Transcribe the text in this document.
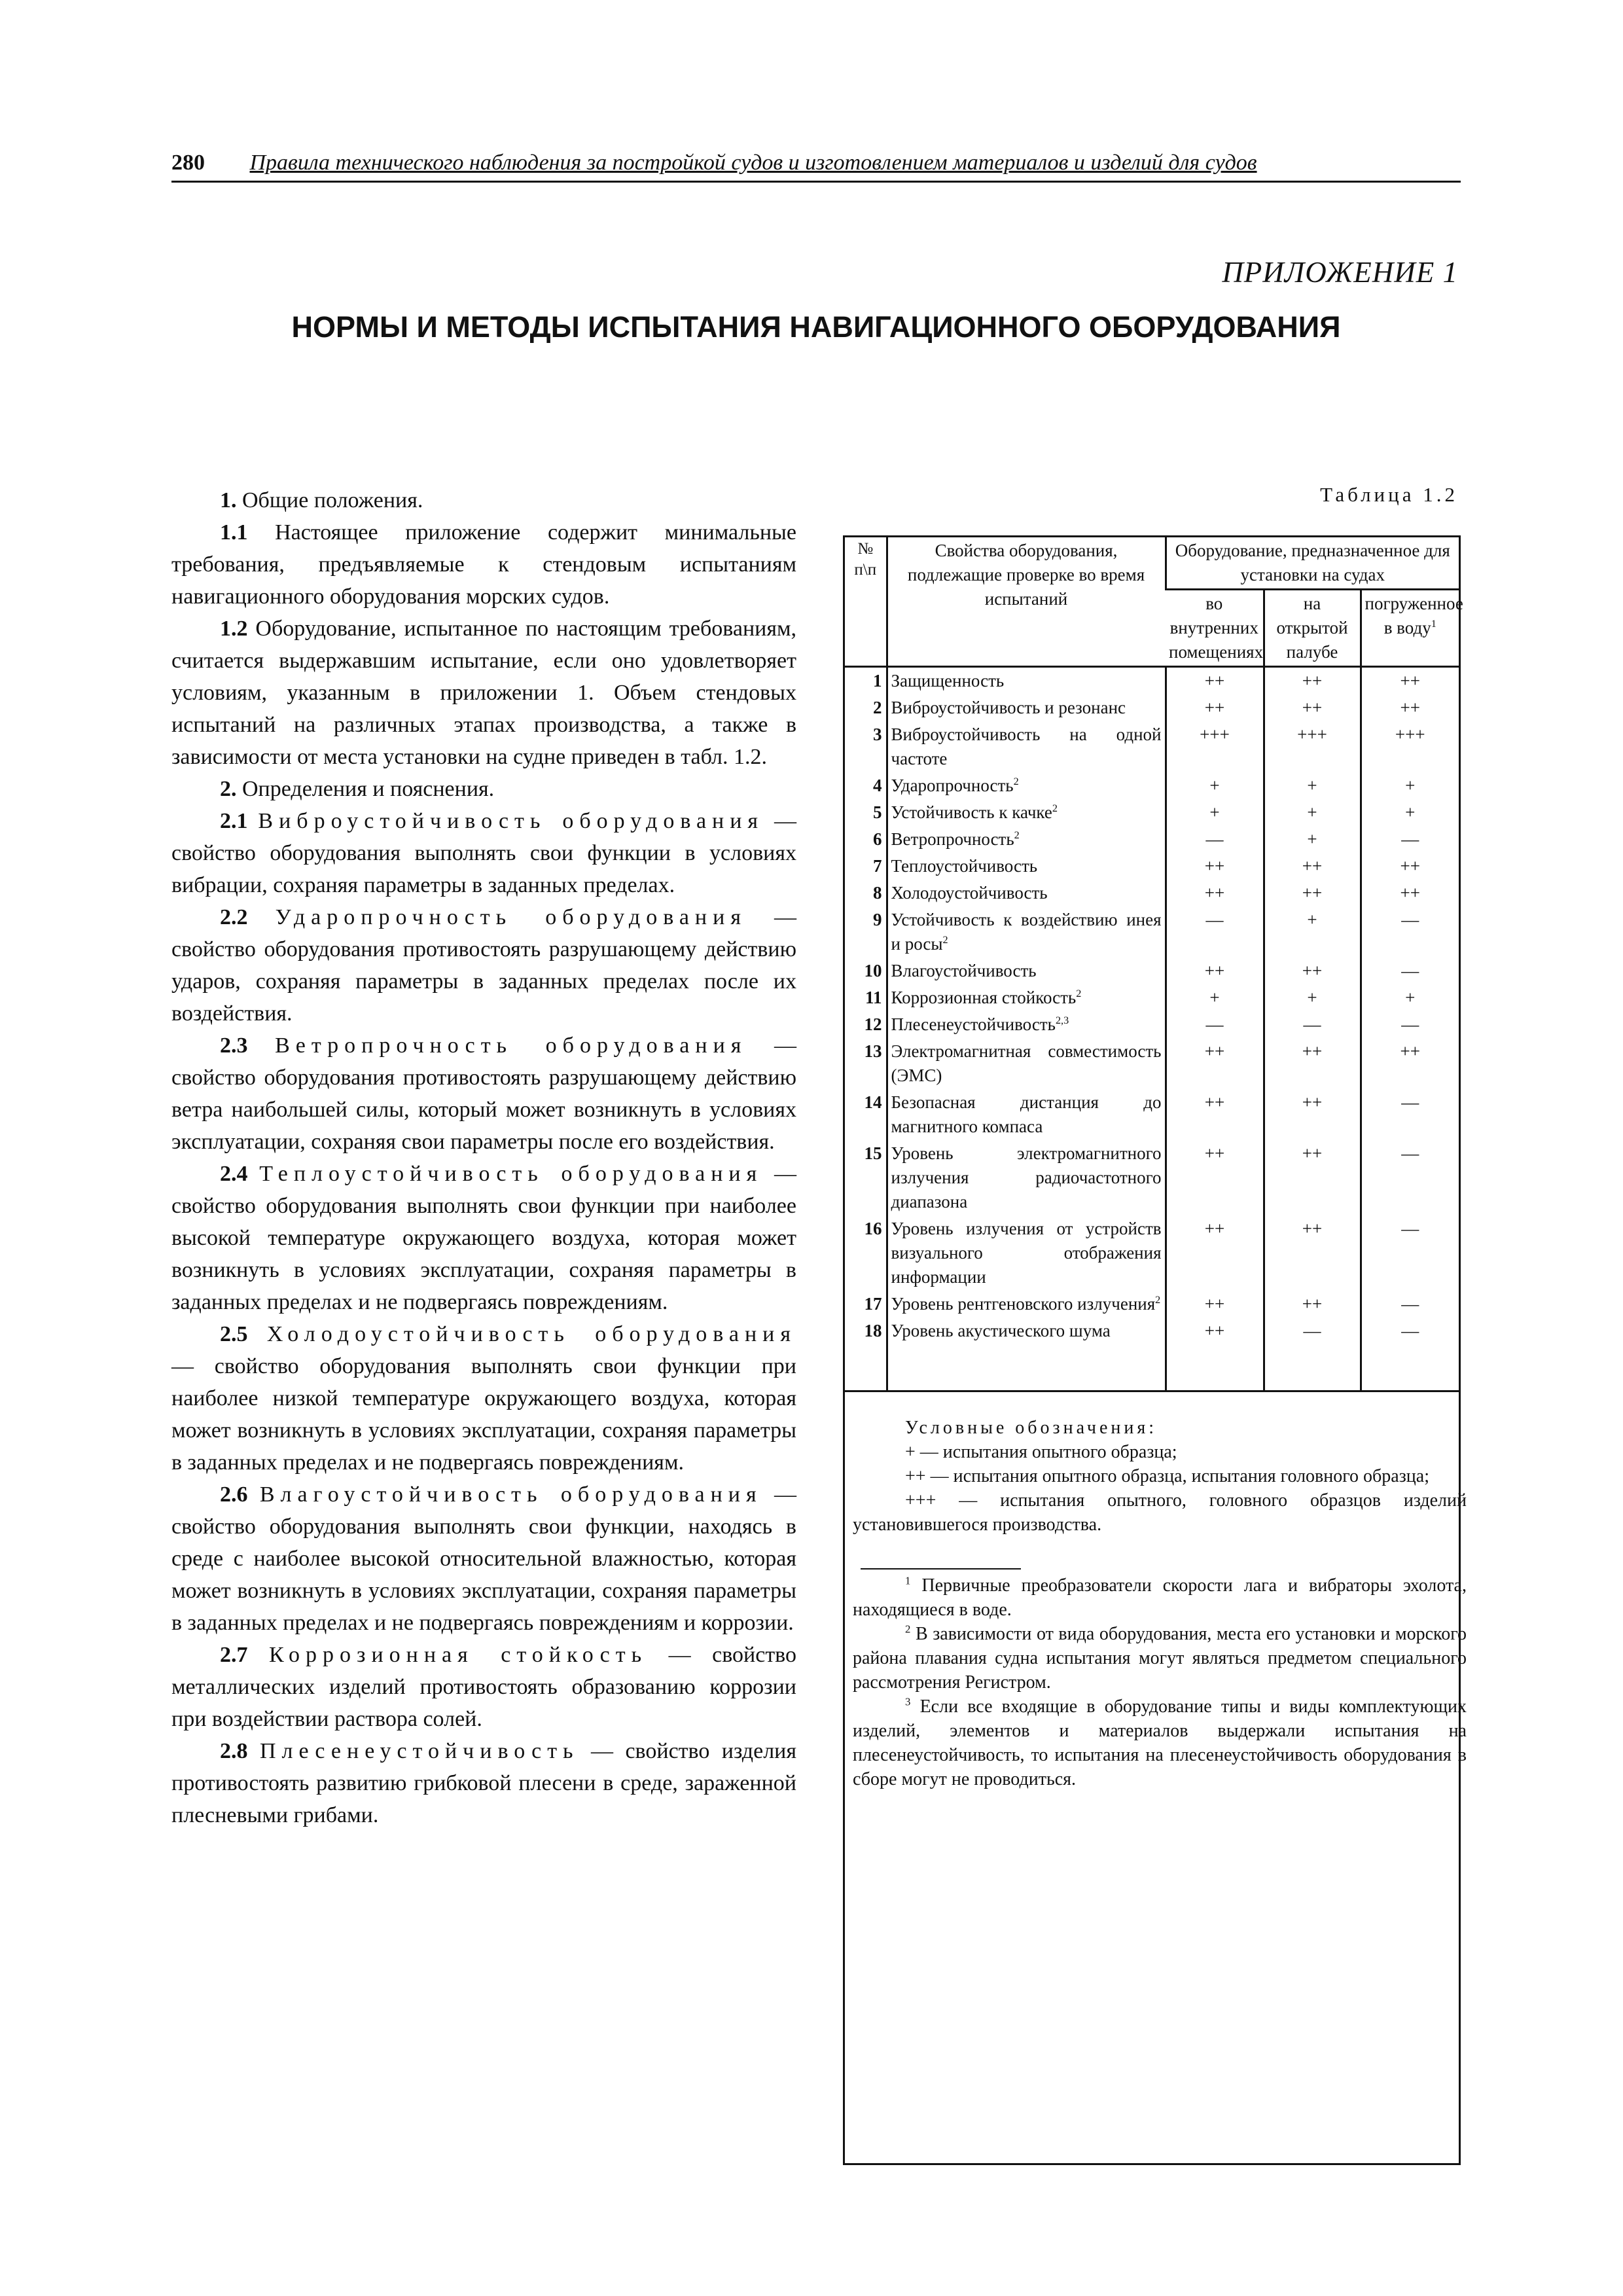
280 Правила технического наблюдения за постройкой судов и изготовлением материалов и изделий для судов
ПРИЛОЖЕНИЕ 1
НОРМЫ И МЕТОДЫ ИСПЫТАНИЯ НАВИГАЦИОННОГО ОБОРУДОВАНИЯ

1. Общие положения.

1.1 Настоящее приложение содержит минимальные требования, предъявляемые к стендовым испытаниям навигационного оборудования морских судов.

1.2 Оборудование, испытанное по настоящим требованиям, считается выдержавшим испытание, если оно удовлетворяет условиям, указанным в приложении 1. Объем стендовых испытаний на различных этапах производства, а также в зависимости от места установки на судне приведен в табл. 1.2.

2. Определения и пояснения.

2.1 Виброустойчивость оборудования — свойство оборудования выполнять свои функции в условиях вибрации, сохраняя параметры в заданных пределах.

2.2 Ударопрочность оборудования — свойство оборудования противостоять разрушающему действию ударов, сохраняя параметры в заданных пределах после их воздействия.

2.3 Ветропрочность оборудования — свойство оборудования противостоять разрушающему действию ветра наибольшей силы, который может возникнуть в условиях эксплуатации, сохраняя свои параметры после его воздействия.

2.4 Теплоустойчивость оборудования — свойство оборудования выполнять свои функции при наиболее высокой температуре окружающего воздуха, которая может возникнуть в условиях эксплуатации, сохраняя параметры в заданных пределах и не подвергаясь повреждениям.

2.5 Холодоустойчивость оборудования — свойство оборудования выполнять свои функции при наиболее низкой температуре окружающего воздуха, которая может возникнуть в условиях эксплуатации, сохраняя параметры в заданных пределах и не подвергаясь повреждениям.

2.6 Влагоустойчивость оборудования — свойство оборудования выполнять свои функции, находясь в среде с наиболее высокой относительной влажностью, которая может возникнуть в условиях эксплуатации, сохраняя параметры в заданных пределах и не подвергаясь повреждениям и коррозии.

2.7 Коррозионная стойкость — свойство металлических изделий противостоять образованию коррозии при воздействии раствора солей.

2.8 Плесенеустойчивость — свойство изделия противостоять развитию грибковой плесени в среде, зараженной плесневыми грибами.

Таблица 1.2
№ п\п	Свойства оборудования, подлежащие проверке во время испытаний	Оборудование, предназначенное для установки на судах		
		во внутренних помещениях	на открытой палубе	погруженное в воду$^1$
1	Защищенность	++	++	++
2	Виброустойчивость и резонанс	++	++	++
3	Виброустойчивость на одной частоте	+++	+++	+++
4	Ударопрочность$^2$	+	+	+
5	Устойчивость к качке$^2$	+	+	+
6	Ветропрочность$^2$	—	+	—
7	Теплоустойчивость	++	++	++
8	Холодоустойчивость	++	++	++
9	Устойчивость к воздействию инея и росы$^2$	—	+	—
10	Влагоустойчивость	++	++	—
11	Коррозионная стойкость$^2$	+	+	+
12	Плесенеустойчивость$^{2,3}$	—	—	—
13	Электромагнитная совместимость (ЭМС)	++	++	++
14	Безопасная дистанция до магнитного компаса	++	++	—
15	Уровень электромагнитного излучения радиочастотного диапазона	++	++	—
16	Уровень излучения от устройств визуального отображения информации	++	++	—
17	Уровень рентгеновского излучения$^2$	++	++	—
18	Уровень акустического шума	++	—	—

Условные обозначения:

+ — испытания опытного образца;

++ — испытания опытного образца, испытания головного образца;

+++ — испытания опытного, головного образцов изделий установившегося производства.

$^1$ Первичные преобразователи скорости лага и вибраторы эхолота, находящиеся в воде.

$^2$ В зависимости от вида оборудования, места его установки и морского района плавания судна испытания могут являться предметом специального рассмотрения Регистром.

$^3$ Если все входящие в оборудование типы и виды комплектующих изделий, элементов и материалов выдержали испытания на плесенеустойчивость, то испытания на плесенеустойчивость оборудования в сборе могут не проводиться.
